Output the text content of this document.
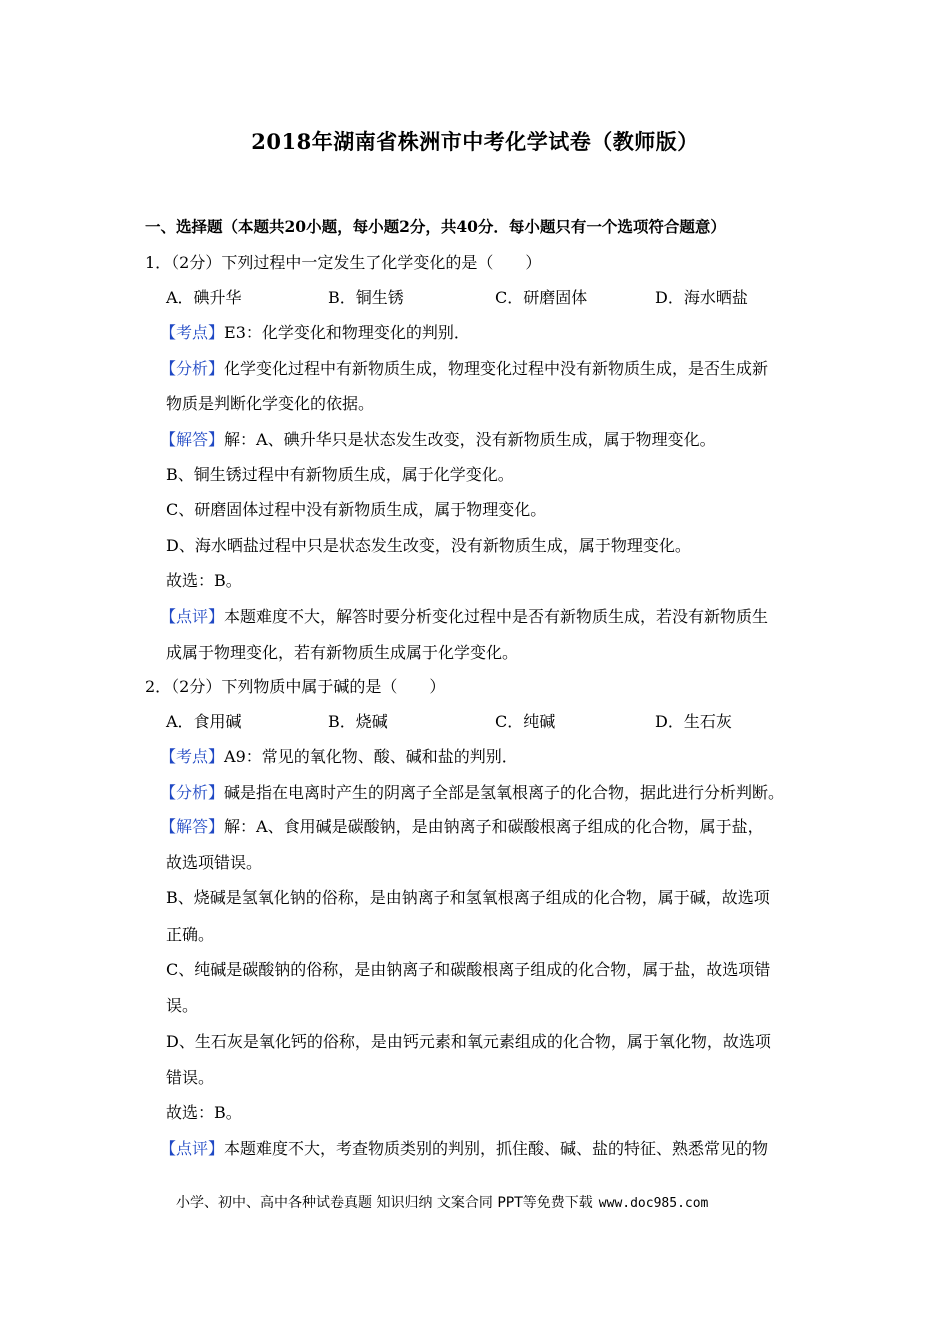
2018年湖南省株洲市中考化学试卷（教师版）
一、选择题（本题共20小题，每小题2分，共40分．每小题只有一个选项符合题意）
1．（2分）下列过程中一定发生了化学变化的是（　　）
A．碘升华	B．铜生锈	C．研磨固体	D．海水晒盐
【考点】E3：化学变化和物理变化的判别．
【分析】化学变化过程中有新物质生成，物理变化过程中没有新物质生成，是否生成新
物质是判断化学变化的依据。
【解答】解：A、碘升华只是状态发生改变，没有新物质生成，属于物理变化。
B、铜生锈过程中有新物质生成，属于化学变化。
C、研磨固体过程中没有新物质生成，属于物理变化。
D、海水晒盐过程中只是状态发生改变，没有新物质生成，属于物理变化。
故选：B。
【点评】本题难度不大，解答时要分析变化过程中是否有新物质生成，若没有新物质生
成属于物理变化，若有新物质生成属于化学变化。
2．（2分）下列物质中属于碱的是（　　）
A．食用碱	B．烧碱	C．纯碱	D．生石灰
【考点】A9：常见的氧化物、酸、碱和盐的判别．
【分析】碱是指在电离时产生的阴离子全部是氢氧根离子的化合物，据此进行分析判断。
【解答】解：A、食用碱是碳酸钠，是由钠离子和碳酸根离子组成的化合物，属于盐，
故选项错误。
B、烧碱是氢氧化钠的俗称，是由钠离子和氢氧根离子组成的化合物，属于碱，故选项
正确。
C、纯碱是碳酸钠的俗称，是由钠离子和碳酸根离子组成的化合物，属于盐，故选项错
误。
D、生石灰是氧化钙的俗称，是由钙元素和氧元素组成的化合物，属于氧化物，故选项
错误。
故选：B。
【点评】本题难度不大，考查物质类别的判别，抓住酸、碱、盐的特征、熟悉常见的物
小学、初中、高中各种试卷真题 知识归纳 文案合同 PPT等免费下载 www.doc985.com
